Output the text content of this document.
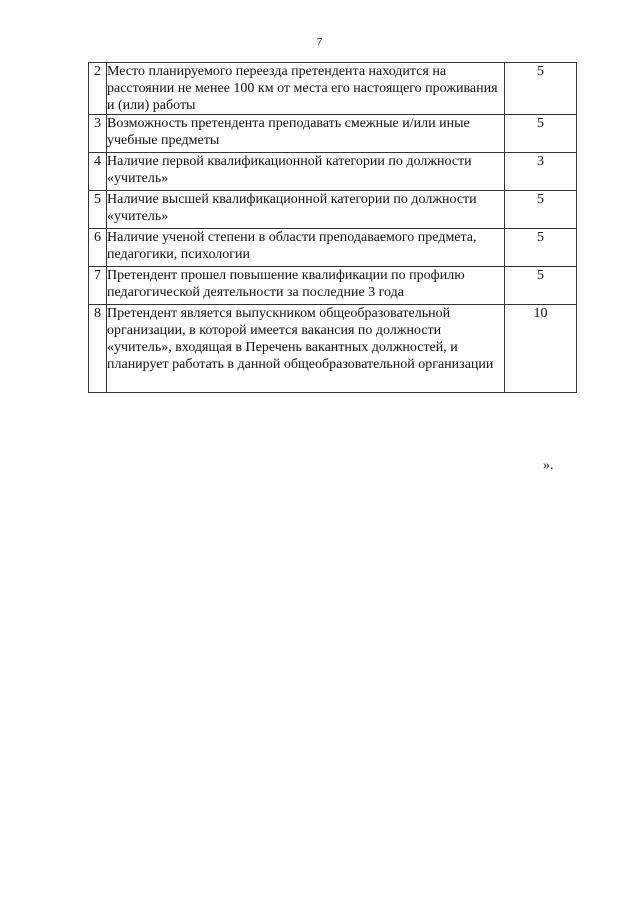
7
2	Место планируемого переезда претендента находится на расстоянии не менее 100 км от места его настоящего проживания и (или) работы	5
3	Возможность претендента преподавать смежные и/или иные учебные предметы	5
4	Наличие первой квалификационной категории по должности «учитель»	3
5	Наличие высшей квалификационной категории по должности «учитель»	5
6	Наличие ученой степени в области преподаваемого предмета, педагогики, психологии	5
7	Претендент прошел повышение квалификации по профилю педагогической деятельности за последние 3 года	5
8	Претендент является выпускником общеобразовательной организации, в которой имеется вакансия по должности «учитель», входящая в Перечень вакантных должностей, и планирует работать в данной общеобразовательной организации	10
».
